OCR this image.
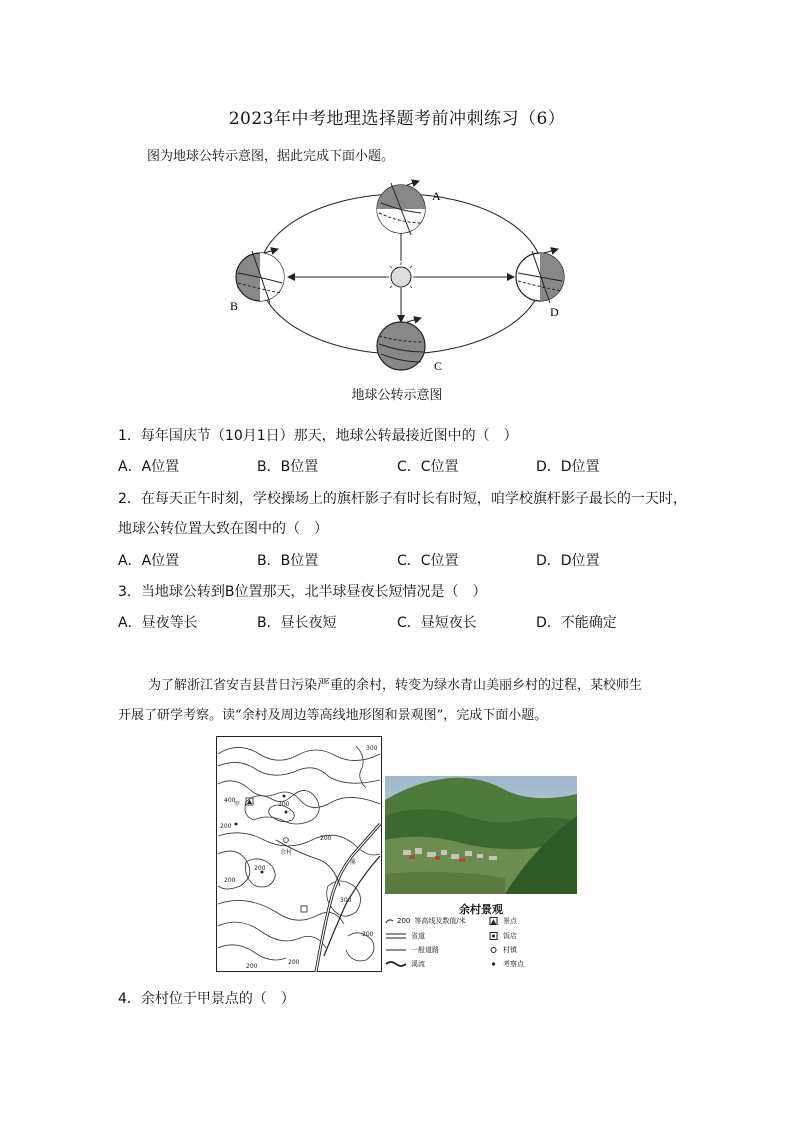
2023年中考地理选择题考前冲刺练习（6）
图为地球公转示意图，据此完成下面小题。
A
B
C
D
地球公转示意图
1．每年国庆节（10月1日）那天，地球公转最接近图中的（　）
A．A位置	B．B位置	C．C位置	D．D位置
2．在每天正午时刻，学校操场上的旗杆影子有时长有时短，咱学校旗杆影子最长的一天时，
地球公转位置大致在图中的（　）
A．A位置	B．B位置	C．C位置	D．D位置
3．当地球公转到B位置那天，北半球昼夜长短情况是（　）
A．昼夜等长	B．昼长夜短	C．昼短夜长	D．不能确定
为了解浙江省安吉县昔日污染严重的余村，转变为绿水青山美丽乡村的过程，某校师生
开展了研学考察。读“余村及周边等高线地形图和景观图”，完成下面小题。
甲
余村
溪
300
300
400
200
200
200
200
300
200
200
200
余村景观
200 等高线及数值/米	景点
省道	饭店
一般道路	村镇
溪流	考察点
4．余村位于甲景点的（　）
